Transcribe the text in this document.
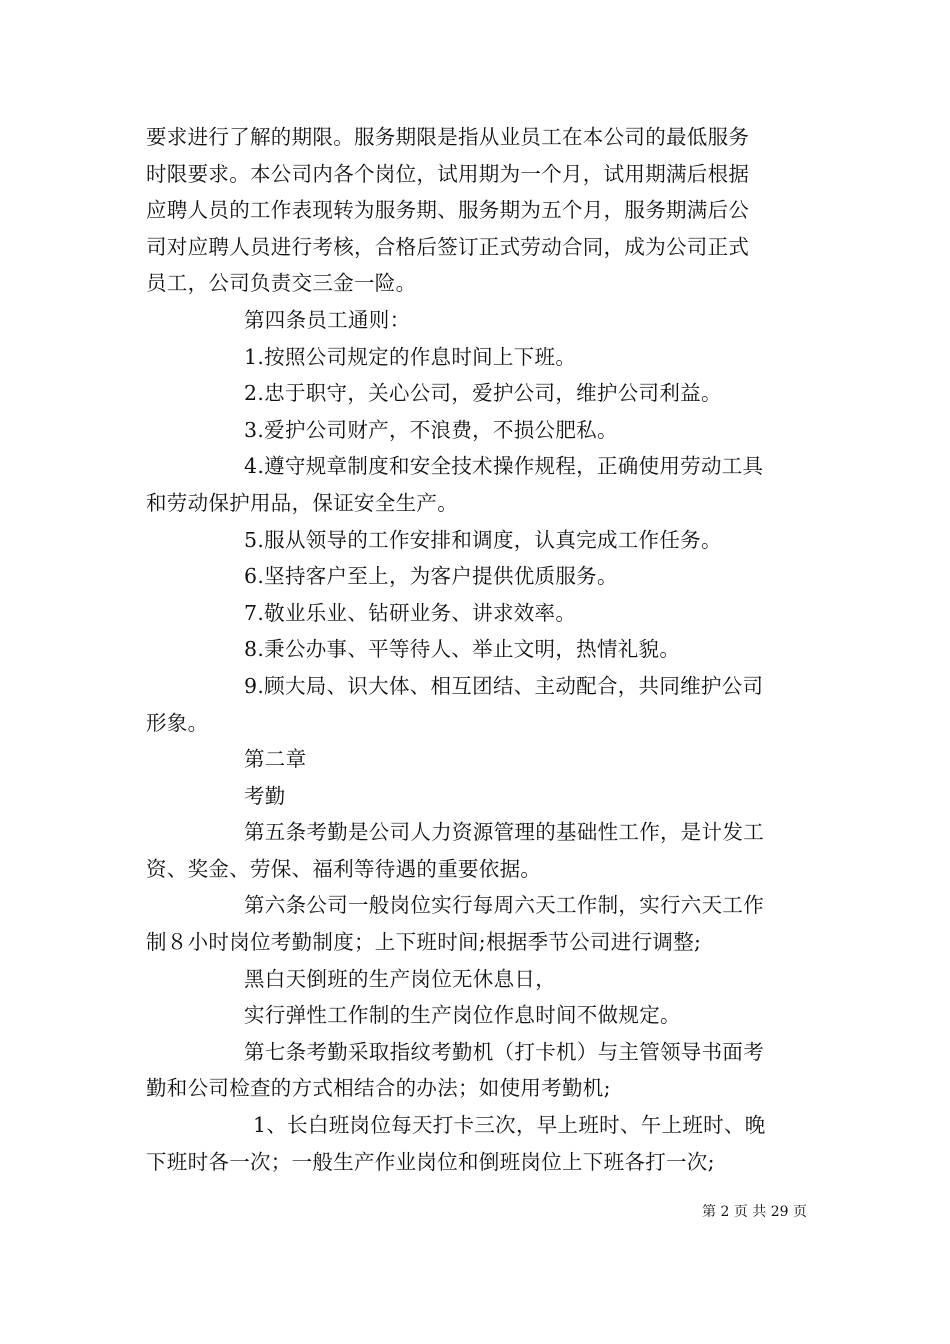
要求进行了解的期限。服务期限是指从业员工在本公司的最低服务
时限要求。本公司内各个岗位，试用期为一个月，试用期满后根据
应聘人员的工作表现转为服务期、服务期为五个月，服务期满后公
司对应聘人员进行考核，合格后签订正式劳动合同，成为公司正式
员工，公司负责交三金一险。
第四条员工通则：
1.按照公司规定的作息时间上下班。
2.忠于职守，关心公司，爱护公司，维护公司利益。
3.爱护公司财产，不浪费，不损公肥私。
4.遵守规章制度和安全技术操作规程，正确使用劳动工具
和劳动保护用品，保证安全生产。
5.服从领导的工作安排和调度，认真完成工作任务。
6.坚持客户至上，为客户提供优质服务。
7.敬业乐业、钻研业务、讲求效率。
8.秉公办事、平等待人、举止文明，热情礼貌。
9.顾大局、识大体、相互团结、主动配合，共同维护公司
形象。
第二章
考勤
第五条考勤是公司人力资源管理的基础性工作，是计发工
资、奖金、劳保、福利等待遇的重要依据。
第六条公司一般岗位实行每周六天工作制，实行六天工作
制８小时岗位考勤制度；上下班时间;根据季节公司进行调整;
黑白天倒班的生产岗位无休息日，
实行弹性工作制的生产岗位作息时间不做规定。
第七条考勤采取指纹考勤机（打卡机）与主管领导书面考
勤和公司检查的方式相结合的办法；如使用考勤机;
1、长白班岗位每天打卡三次，早上班时、午上班时、晚
下班时各一次；一般生产作业岗位和倒班岗位上下班各打一次;
第 2 页 共 29 页
